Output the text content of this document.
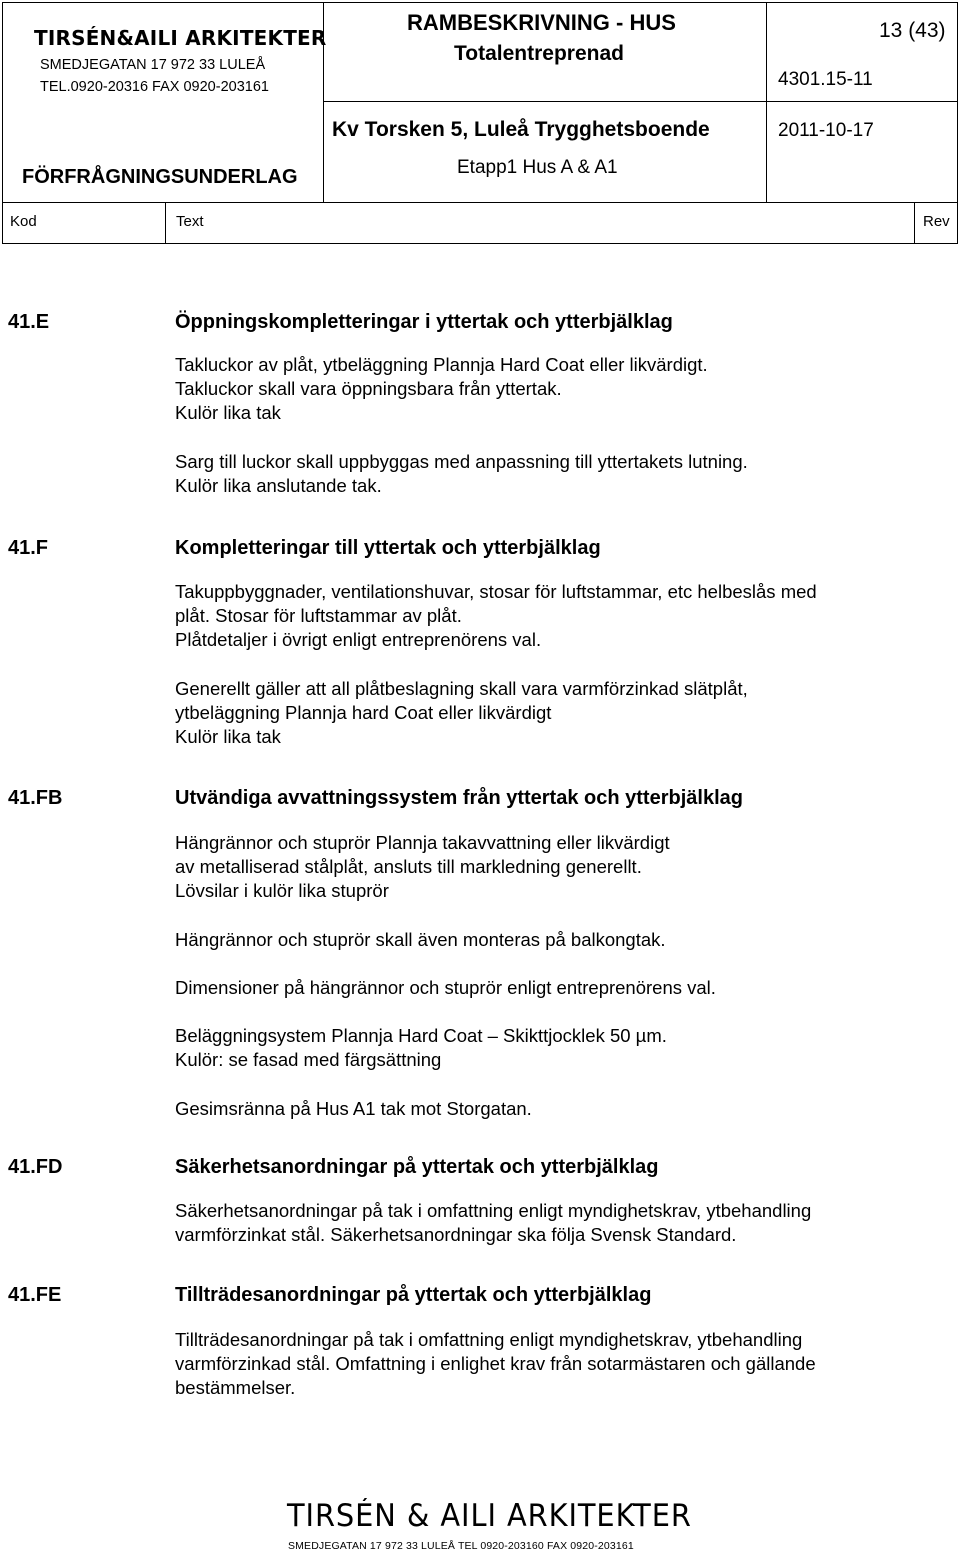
TIRSÉN&AILI ARKITEKTER
SMEDJEGATAN 17 972 33 LULEÅ
TEL.0920-20316 FAX 0920-203161
FÖRFRÅGNINGSUNDERLAG
RAMBESKRIVNING - HUS
Totalentreprenad
Kv Torsken 5, Luleå Trygghetsboende
Etapp1 Hus A & A1
13 (43)
4301.15-11
2011-10-17
Kod	Text	Rev
41.E	Öppningskompletteringar i yttertak och ytterbjälklag
Takluckor av plåt, ytbeläggning Plannja Hard Coat eller likvärdigt.
Takluckor skall vara öppningsbara från yttertak.
Kulör lika tak
Sarg till luckor skall uppbyggas med anpassning till yttertakets lutning.
Kulör lika anslutande tak.
41.F	Kompletteringar till yttertak och ytterbjälklag
Takuppbyggnader, ventilationshuvar, stosar för luftstammar, etc helbeslås med
plåt. Stosar för luftstammar av plåt.
Plåtdetaljer i övrigt enligt entreprenörens val.
Generellt gäller att all plåtbeslagning skall vara varmförzinkad slätplåt,
ytbeläggning Plannja hard Coat eller likvärdigt
Kulör lika tak
41.FB	Utvändiga avvattningssystem från yttertak och ytterbjälklag
Hängrännor och stuprör Plannja takavvattning eller likvärdigt
av metalliserad stålplåt, ansluts till markledning generellt.
Lövsilar i kulör lika stuprör
Hängrännor och stuprör skall även monteras på balkongtak.
Dimensioner på hängrännor och stuprör enligt entreprenörens val.
Beläggningsystem Plannja Hard Coat – Skikttjocklek 50 µm.
Kulör: se fasad med färgsättning
Gesimsränna på Hus A1 tak mot Storgatan.
41.FD	Säkerhetsanordningar på yttertak och ytterbjälklag
Säkerhetsanordningar på tak i omfattning enligt myndighetskrav, ytbehandling
varmförzinkat stål. Säkerhetsanordningar ska följa Svensk Standard.
41.FE	Tillträdesanordningar på yttertak och ytterbjälklag
Tillträdesanordningar på tak i omfattning enligt myndighetskrav, ytbehandling
varmförzinkad stål. Omfattning i enlighet krav från sotarmästaren och gällande
bestämmelser.
TIRSÉN & AILI ARKITEKTER
SMEDJEGATAN 17 972 33 LULEÅ TEL 0920-203160 FAX 0920-203161
